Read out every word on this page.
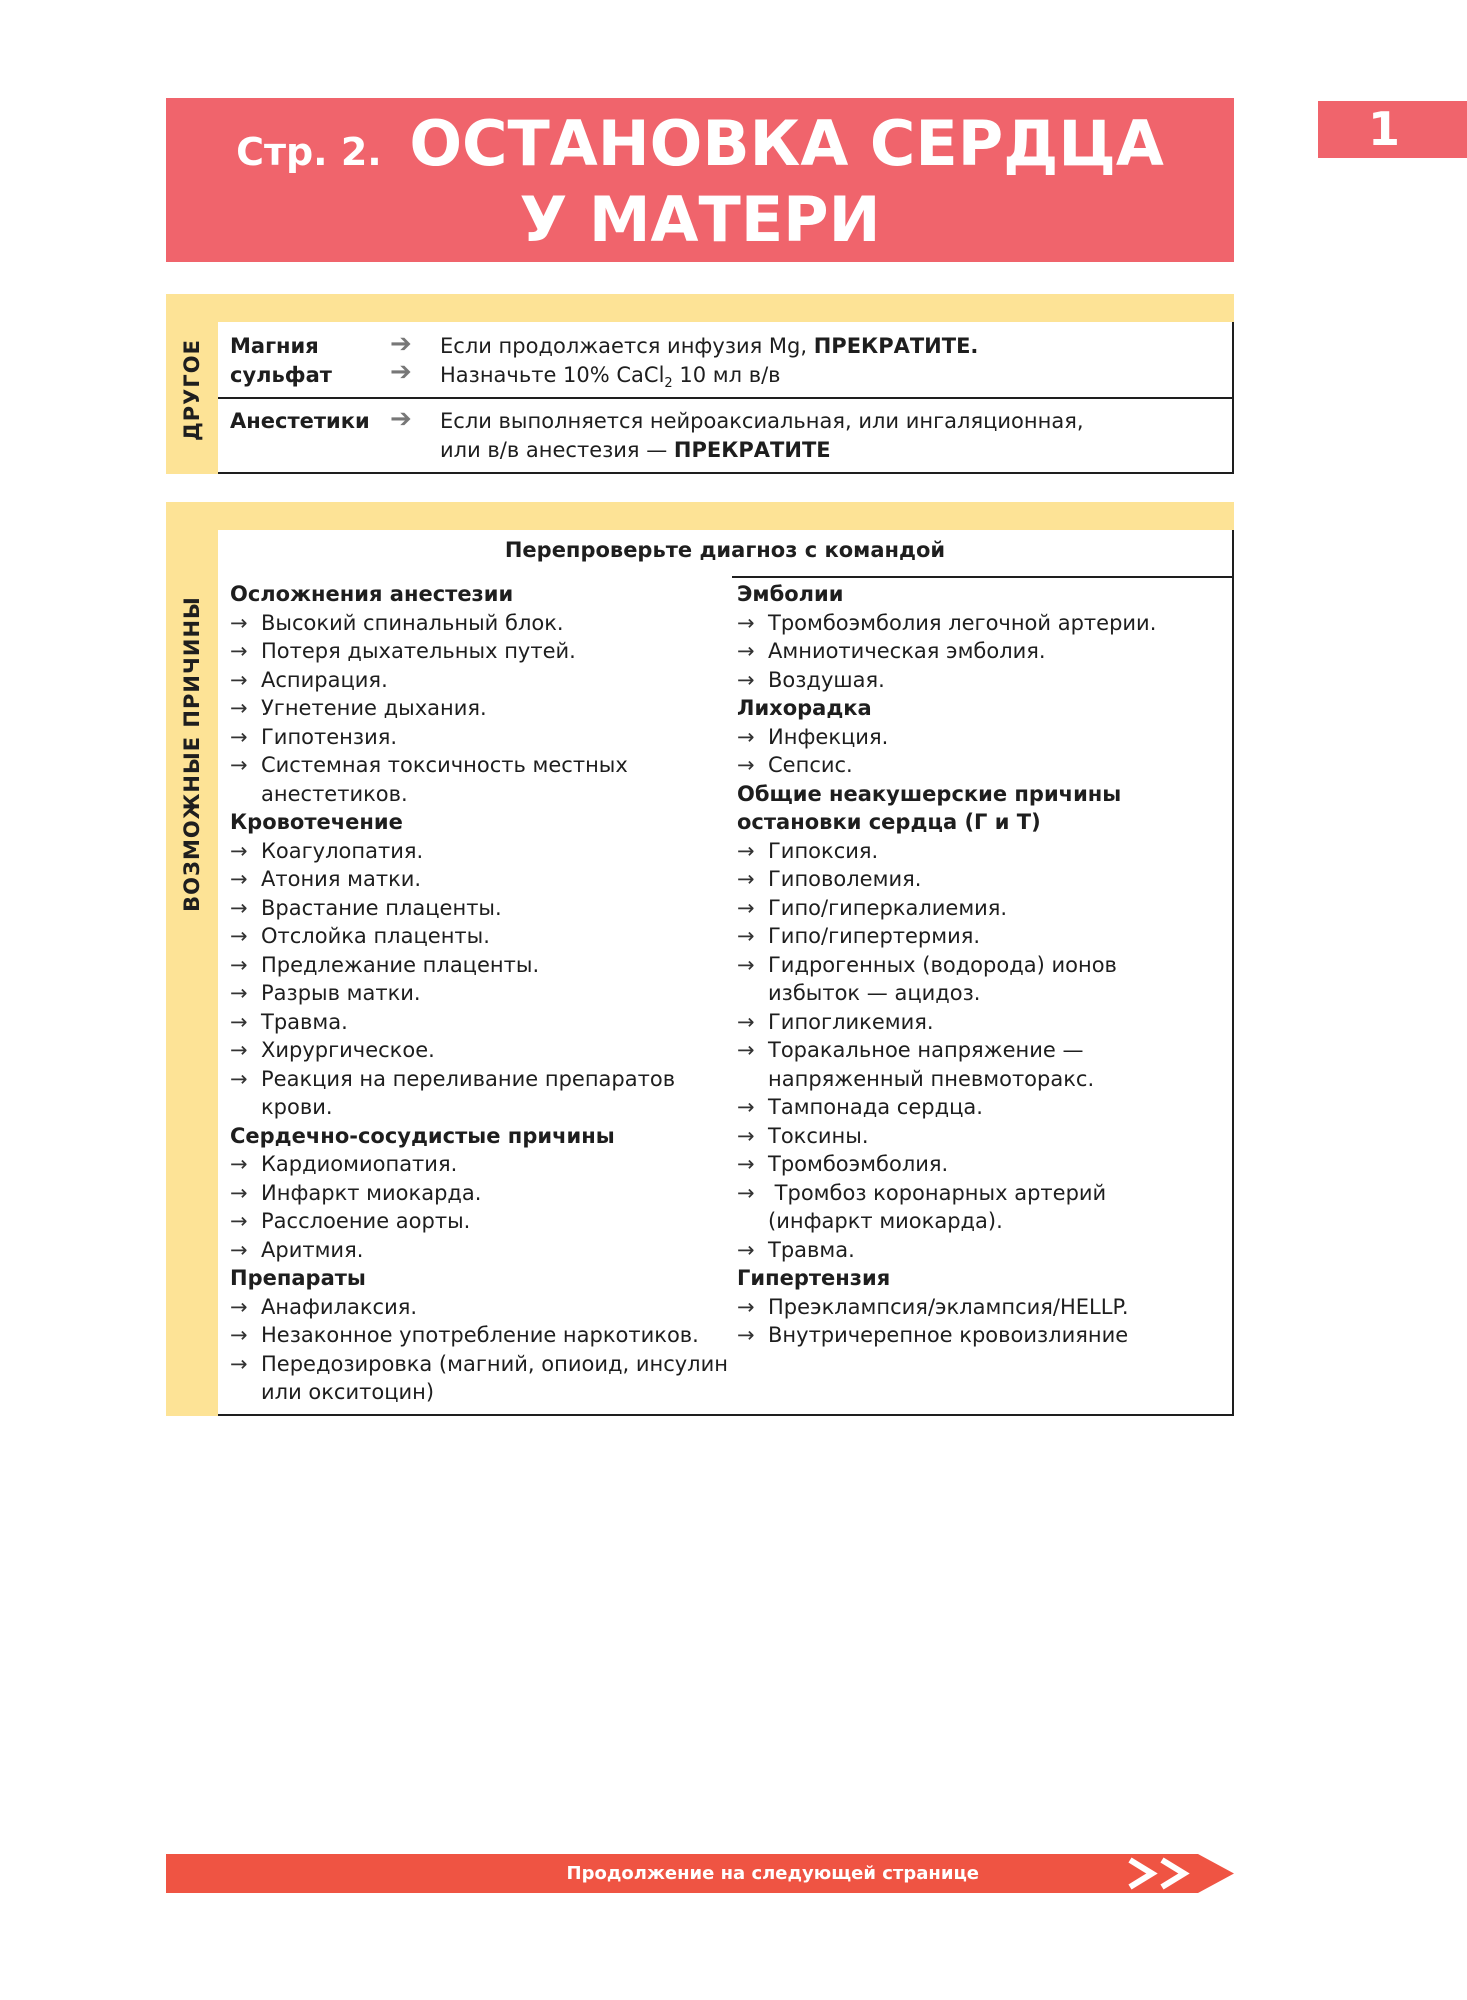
Стр. 2. ОСТАНОВКА СЕРДЦА
У МАТЕРИ
1
ДРУГОЕ Магния
сульфат
➔
➔
Если продолжается инфузия Mg, ПРЕКРАТИТЕ.
Назначьте 10% CaCl$_2$ 10 мл в/в
Анестетики ➔ Если выполняется нейроаксиальная, или ингаляционная,
или в/в анестезия — ПРЕКРАТИТЕ
ВОЗМОЖНЫЕ ПРИЧИНЫ
Перепроверьте диагноз с командой
Осложнения анестезии
→ Высокий спинальный блок.
→ Потеря дыхательных путей.
→ Аспирация.
→ Угнетение дыхания.
→ Гипотензия.
→ Системная токсичность местных анестетиков.
Кровотечение
→ Коагулопатия.
→ Атония матки.
→ Врастание плаценты.
→ Отслойка плаценты.
→ Предлежание плаценты.
→ Разрыв матки.
→ Травма.
→ Хирургическое.
→ Реакция на переливание препаратов крови.
Сердечно-сосудистые причины
→ Кардиомиопатия.
→ Инфаркт миокарда.
→ Расслоение аорты.
→ Аритмия.
Препараты
→ Анафилаксия.
→ Незаконное употребление наркотиков.
→ Передозировка (магний, опиоид, инсулин или окситоцин)
Эмболии
→ Тромбоэмболия легочной артерии.
→ Амниотическая эмболия.
→ Воздушая.
Лихорадка
→ Инфекция.
→ Сепсис.
Общие неакушерские причины остановки сердца (Г и Т)
→ Гипоксия.
→ Гиповолемия.
→ Гипо/гиперкалиемия.
→ Гипо/гипертермия.
→ Гидрогенных (водорода) ионов избыток — ацидоз.
→ Гипогликемия.
→ Торакальное напряжение — напряженный пневмоторакс.
→ Тампонада сердца.
→ Токсины.
→ Тромбоэмболия.
→ Тромбоз коронарных артерий (инфаркт миокарда).
→ Травма.
Гипертензия
→ Преэклампсия/эклампсия/HELLP.
→ Внутричерепное кровоизлияние
Продолжение на следующей странице
